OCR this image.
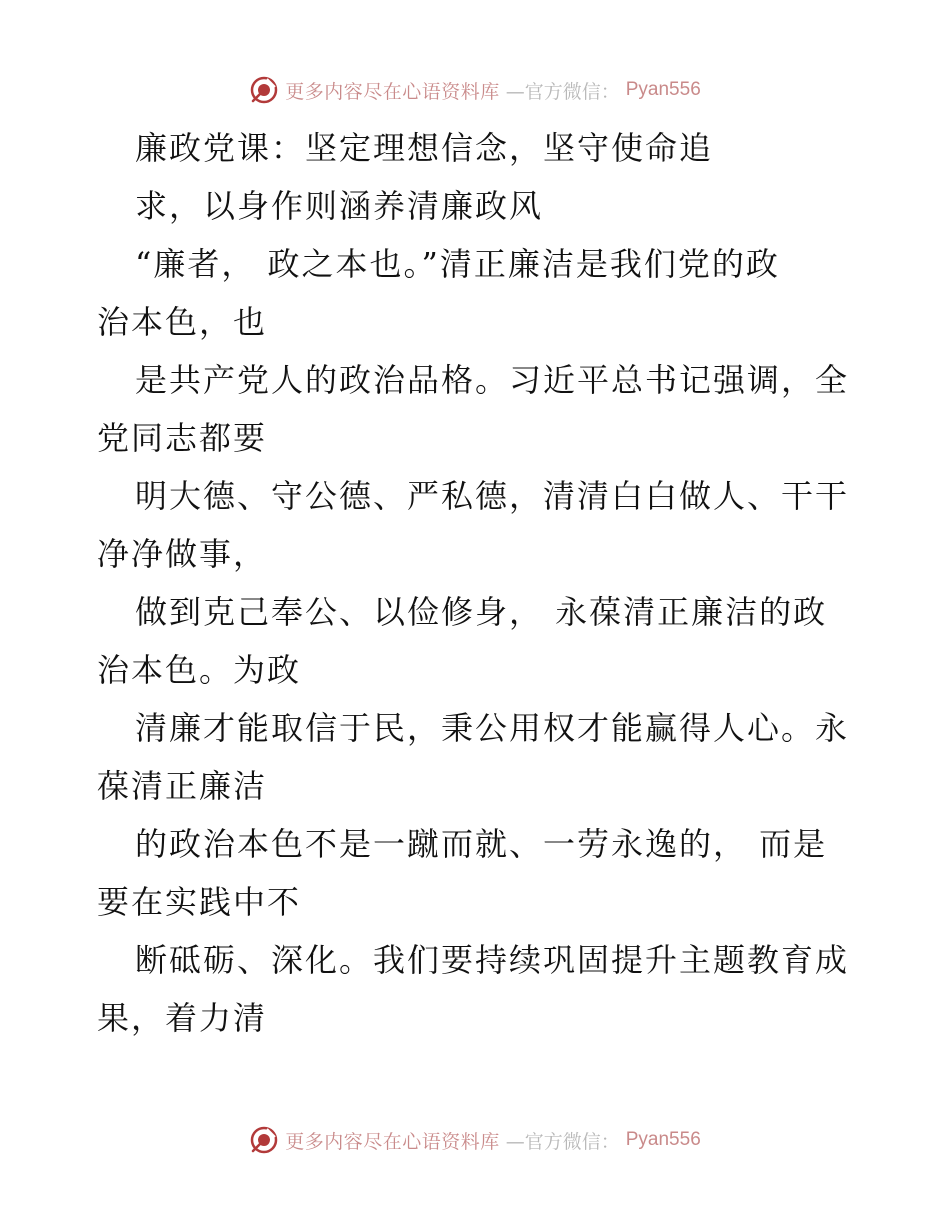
更多内容尽在心语资料库 —官方微信： Pyan556
廉政党课：坚定理想信念，坚守使命追
求，以身作则涵养清廉政风
“廉者， 政之本也。”清正廉洁是我们党的政
治本色，也
是共产党人的政治品格。习近平总书记强调，全
党同志都要
明大德、守公德、严私德，清清白白做人、干干
净净做事，
做到克己奉公、以俭修身， 永葆清正廉洁的政
治本色。为政
清廉才能取信于民，秉公用权才能赢得人心。永
葆清正廉洁
的政治本色不是一蹴而就、一劳永逸的， 而是
要在实践中不
断砥砺、深化。我们要持续巩固提升主题教育成
果，着力清
更多内容尽在心语资料库 —官方微信： Pyan556
